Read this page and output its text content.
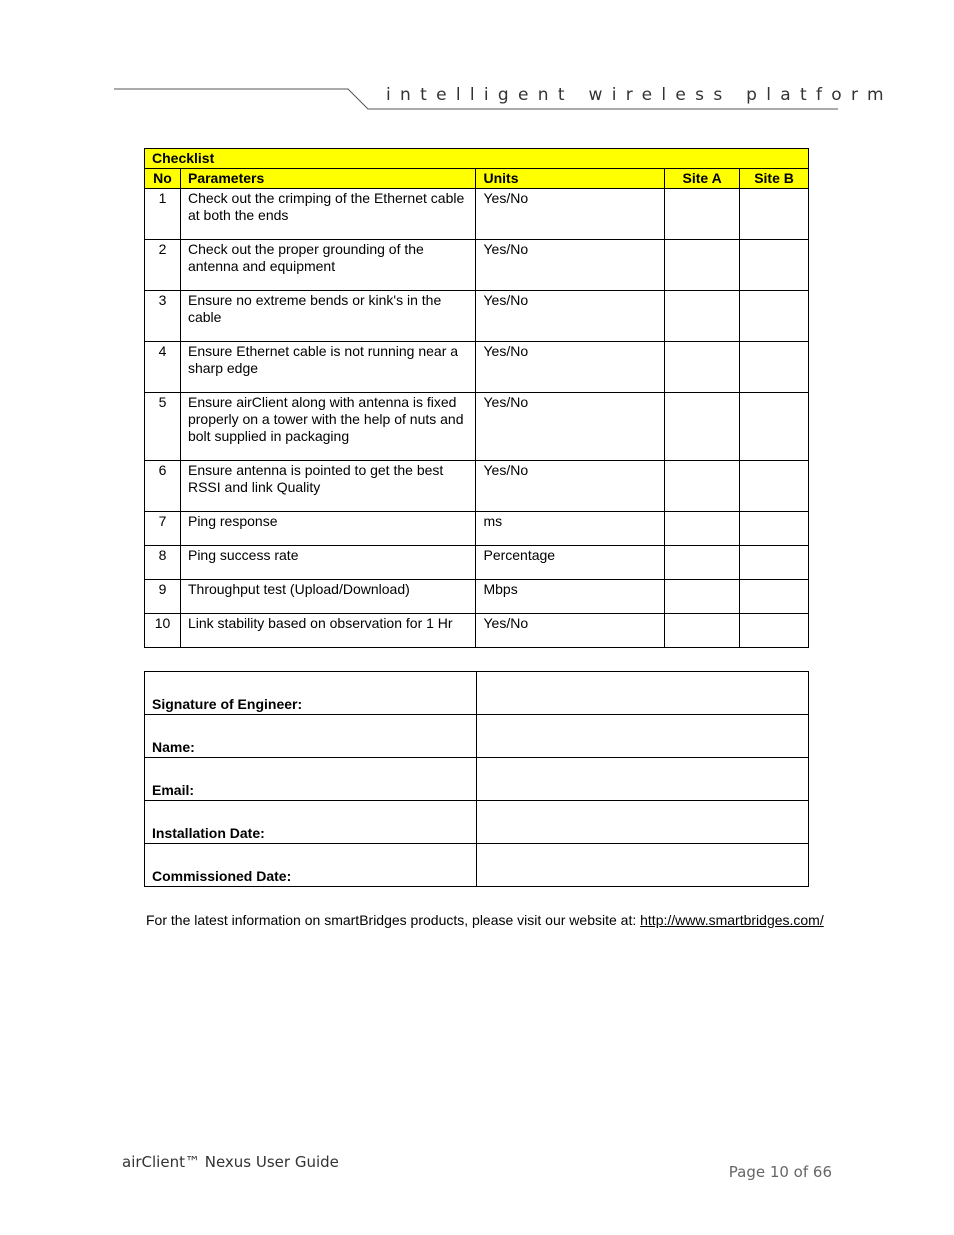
intelligent wireless platform
Checklist				
No	Parameters	Units	Site A	Site B
1	Check out the crimping of the Ethernet cable at both the ends	Yes/No		
2	Check out the proper grounding of the antenna and equipment	Yes/No		
3	Ensure no extreme bends or kink's in the cable	Yes/No		
4	Ensure Ethernet cable is not running near a sharp edge	Yes/No		
5	Ensure airClient along with antenna is fixed properly on a tower with the help of nuts and bolt supplied in packaging	Yes/No		
6	Ensure antenna is pointed to get the best RSSI and link Quality	Yes/No		
7	Ping response	ms		
8	Ping success rate	Percentage		
9	Throughput test (Upload/Download)	Mbps		
10	Link stability based on observation for 1 Hr	Yes/No		
Signature of Engineer:	
Name:	
Email:	
Installation Date:	
Commissioned Date:	
For the latest information on smartBridges products, please visit our website at: http://www.smartbridges.com/
airClient™ Nexus User Guide
Page 10 of 66
